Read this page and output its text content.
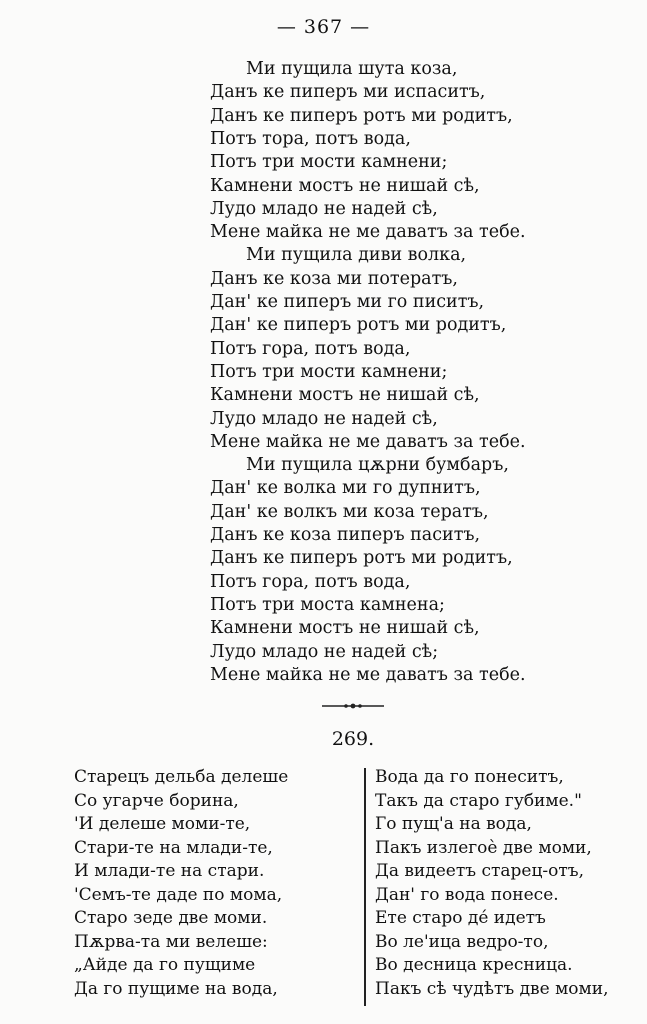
— 367 —
Ми пущила шута коза,
Данъ ке пиперъ ми испаситъ,
Данъ ке пиперъ ротъ ми родитъ,
Потъ тора, потъ вода,
Потъ три мости камнени;
Камнени мостъ не нишай сѣ,
Лудо младо не надей сѣ,
Мене майка не ме даватъ за тебе.
Ми пущила диви волка,
Данъ ке коза ми потератъ,
Дан' ке пиперъ ми го писитъ,
Дан' ке пиперъ ротъ ми родитъ,
Потъ гора, потъ вода,
Потъ три мости камнени;
Камнени мостъ не нишай сѣ,
Лудо младо не надей сѣ,
Мене майка не ме даватъ за тебе.
Ми пущила цѫрни бумбаръ,
Дан' ке волка ми го дупнитъ,
Дан' ке волкъ ми коза тератъ,
Данъ ке коза пиперъ паситъ,
Данъ ке пиперъ ротъ ми родитъ,
Потъ гора, потъ вода,
Потъ три моста камнена;
Камнени мостъ не нишай сѣ,
Лудо младо не надей сѣ;
Мене майка не ме даватъ за тебе.
269.
Старецъ дельба делеше
Со угарче борина,
'И делеше моми-те,
Стари-те на млади-те,
И млади-те на стари.
'Семъ-те даде по мома,
Старо зеде две моми.
Пѫрва-та ми велеше:
„Айде да го пущиме
Да го пущиме на вода,
Вода да го понеситъ,
Такъ да старо губиме."
Го пущ'а на вода,
Пакъ излегоѐ две моми,
Да видеетъ старец-отъ,
Дан' го вода понесе.
Ете старо де́ идетъ
Во ле'ица ведро-то,
Во десница кресница.
Пакъ сѣ чудѣтъ две моми,
